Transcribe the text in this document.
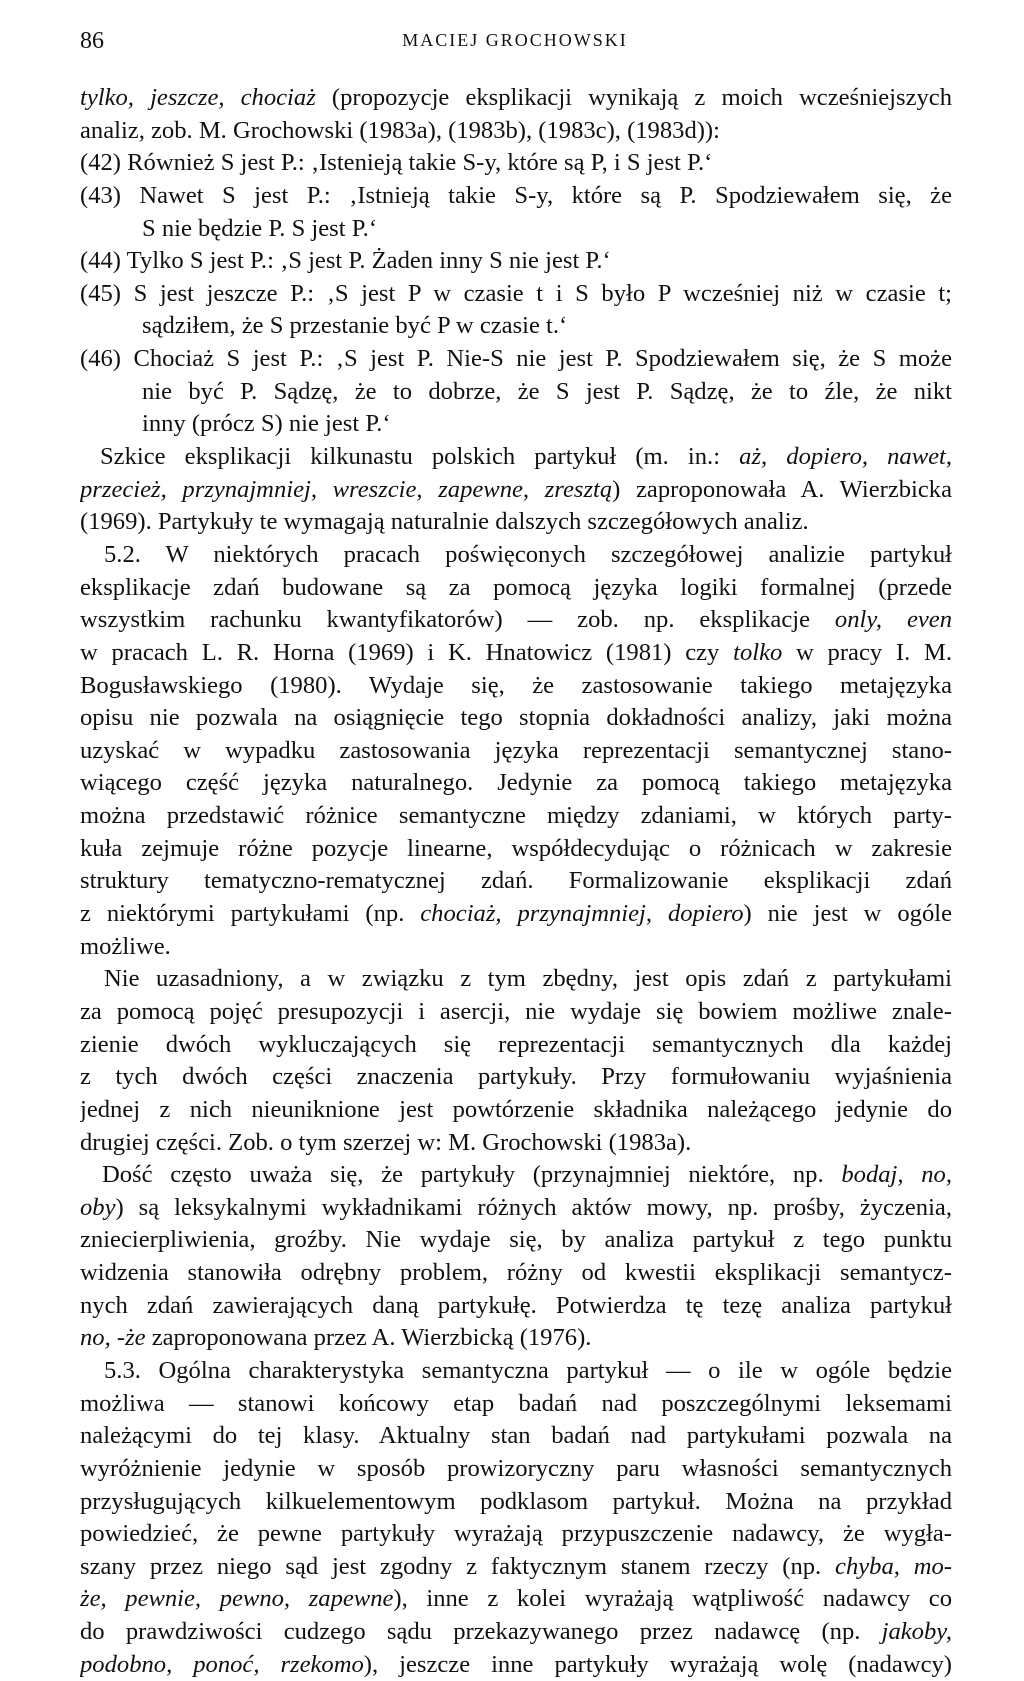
86	MACIEJ GROCHOWSKI
tylko, jeszcze, chociaż (propozycje eksplikacji wynikają z moich wcześniejszych
analiz, zob. M. Grochowski (1983a), (1983b), (1983c), (1983d)):
(42) Również S jest P.: ‚Istenieją takie S-y, które są P, i S jest P.‘
(43) Nawet S jest P.: ‚Istnieją takie S-y, które są P. Spodziewałem się, że
S nie będzie P. S jest P.‘
(44) Tylko S jest P.: ‚S jest P. Żaden inny S nie jest P.‘
(45) S jest jeszcze P.: ‚S jest P w czasie t i S było P wcześniej niż w czasie t;
sądziłem, że S przestanie być P w czasie t.‘
(46) Chociaż S jest P.: ‚S jest P. Nie-S nie jest P. Spodziewałem się, że S może
nie być P. Sądzę, że to dobrze, że S jest P. Sądzę, że to źle, że nikt
inny (prócz S) nie jest P.‘
Szkice eksplikacji kilkunastu polskich partykuł (m. in.: aż, dopiero, nawet,
przecież, przynajmniej, wreszcie, zapewne, zresztą) zaproponowała A. Wierzbicka
(1969). Partykuły te wymagają naturalnie dalszych szczegółowych analiz.
5.2. W niektórych pracach poświęconych szczegółowej analizie partykuł
eksplikacje zdań budowane są za pomocą języka logiki formalnej (przede
wszystkim rachunku kwantyfikatorów) — zob. np. eksplikacje only, even
w pracach L. R. Horna (1969) i K. Hnatowicz (1981) czy tolko w pracy I. M.
Bogusławskiego (1980). Wydaje się, że zastosowanie takiego metajęzyka
opisu nie pozwala na osiągnięcie tego stopnia dokładności analizy, jaki można
uzyskać w wypadku zastosowania języka reprezentacji semantycznej stano-
wiącego część języka naturalnego. Jedynie za pomocą takiego metajęzyka
można przedstawić różnice semantyczne między zdaniami, w których party-
kuła zejmuje różne pozycje linearne, współdecydując o różnicach w zakresie
struktury tematyczno-rematycznej zdań. Formalizowanie eksplikacji zdań
z niektórymi partykułami (np. chociaż, przynajmniej, dopiero) nie jest w ogóle
możliwe.
Nie uzasadniony, a w związku z tym zbędny, jest opis zdań z partykułami
za pomocą pojęć presupozycji i asercji, nie wydaje się bowiem możliwe znale-
zienie dwóch wykluczających się reprezentacji semantycznych dla każdej
z tych dwóch części znaczenia partykuły. Przy formułowaniu wyjaśnienia
jednej z nich nieuniknione jest powtórzenie składnika należącego jedynie do
drugiej części. Zob. o tym szerzej w: M. Grochowski (1983a).
Dość często uważa się, że partykuły (przynajmniej niektóre, np. bodaj, no,
oby) są leksykalnymi wykładnikami różnych aktów mowy, np. prośby, życzenia,
zniecierpliwienia, groźby. Nie wydaje się, by analiza partykuł z tego punktu
widzenia stanowiła odrębny problem, różny od kwestii eksplikacji semantycz-
nych zdań zawierających daną partykułę. Potwierdza tę tezę analiza partykuł
no, -że zaproponowana przez A. Wierzbicką (1976).
5.3. Ogólna charakterystyka semantyczna partykuł — o ile w ogóle będzie
możliwa — stanowi końcowy etap badań nad poszczególnymi leksemami
należącymi do tej klasy. Aktualny stan badań nad partykułami pozwala na
wyróżnienie jedynie w sposób prowizoryczny paru własności semantycznych
przysługujących kilkuelementowym podklasom partykuł. Można na przykład
powiedzieć, że pewne partykuły wyrażają przypuszczenie nadawcy, że wygła-
szany przez niego sąd jest zgodny z faktycznym stanem rzeczy (np. chyba, mo-
że, pewnie, pewno, zapewne), inne z kolei wyrażają wątpliwość nadawcy co
do prawdziwości cudzego sądu przekazywanego przez nadawcę (np. jakoby,
podobno, ponoć, rzekomo), jeszcze inne partykuły wyrażają wolę (nadawcy)
